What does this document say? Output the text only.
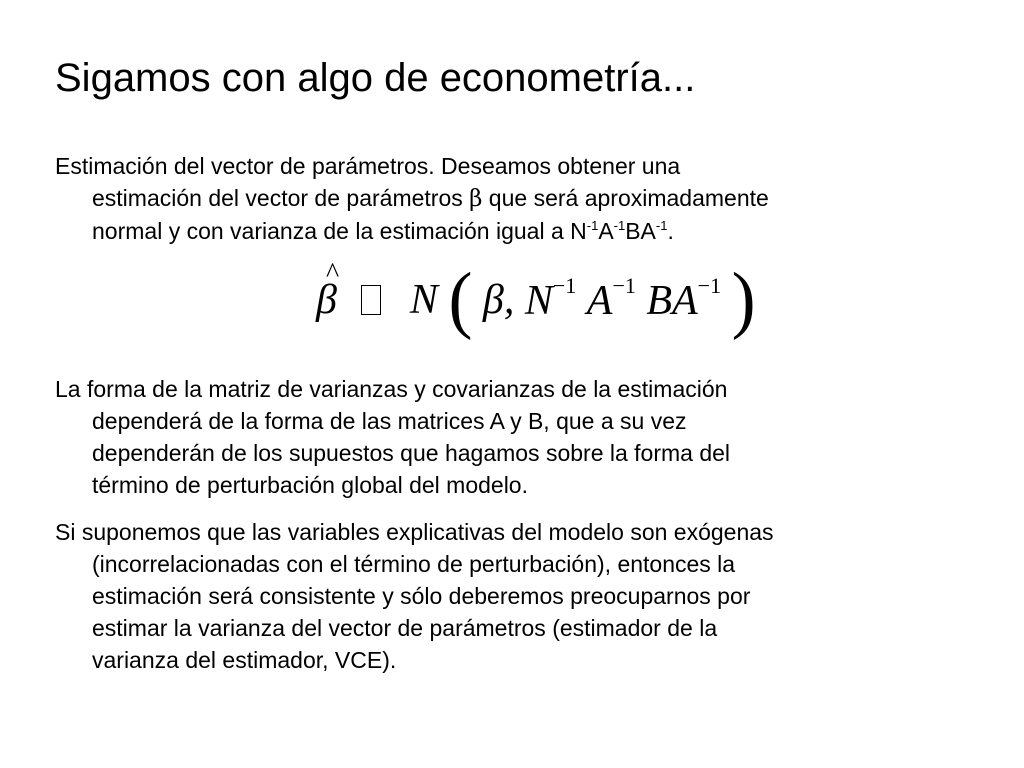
Sigamos con algo de econometría...
Estimación del vector de parámetros. Deseamos obtener una
estimación del vector de parámetros β que será aproximadamente
normal y con varianza de la estimación igual a $N^{-1}A^{-1}BA^{-1}$.
^ β N ( β, $N^{-1}$ $A^{-1}$ $BA^{-1}$ )
La forma de la matriz de varianzas y covarianzas de la estimación
dependerá de la forma de las matrices A y B, que a su vez
dependerán de los supuestos que hagamos sobre la forma del
término de perturbación global del modelo.
Si suponemos que las variables explicativas del modelo son exógenas
(incorrelacionadas con el término de perturbación), entonces la
estimación será consistente y sólo deberemos preocuparnos por
estimar la varianza del vector de parámetros (estimador de la
varianza del estimador, VCE).
